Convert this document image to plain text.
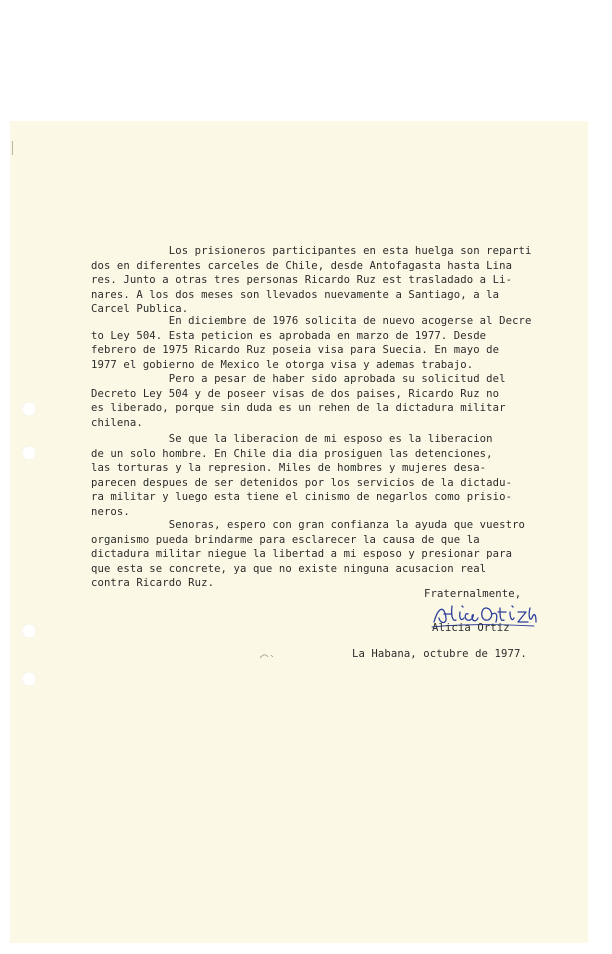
Los prisioneros participantes en esta huelga son reparti
dos en diferentes carceles de Chile, desde Antofagasta hasta Lina
res. Junto a otras tres personas Ricardo Ruz est trasladado a Li-
nares. A los dos meses son llevados nuevamente a Santiago, a la
Carcel Publica.

En diciembre de 1976 solicita de nuevo acogerse al Decre
to Ley 504. Esta peticion es aprobada en marzo de 1977. Desde
febrero de 1975 Ricardo Ruz poseia visa para Suecia. En mayo de
1977 el gobierno de Mexico le otorga visa y ademas trabajo.

Pero a pesar de haber sido aprobada su solicitud del
Decreto Ley 504 y de poseer visas de dos paises, Ricardo Ruz no
es liberado, porque sin duda es un rehen de la dictadura militar
chilena.

Se que la liberacion de mi esposo es la liberacion
de un solo hombre. En Chile dia dia prosiguen las detenciones,
las torturas y la represion. Miles de hombres y mujeres desa-
parecen despues de ser detenidos por los servicios de la dictadu-
ra militar y luego esta tiene el cinismo de negarlos como prisio-
neros.

Senoras, espero con gran confianza la ayuda que vuestro
organismo pueda brindarme para esclarecer la causa de que la
dictadura militar niegue la libertad a mi esposo y presionar para
que esta se concrete, ya que no existe ninguna acusacion real
contra Ricardo Ruz.

Fraternalmente,
Alicia Ortiz
La Habana, octubre de 1977.
